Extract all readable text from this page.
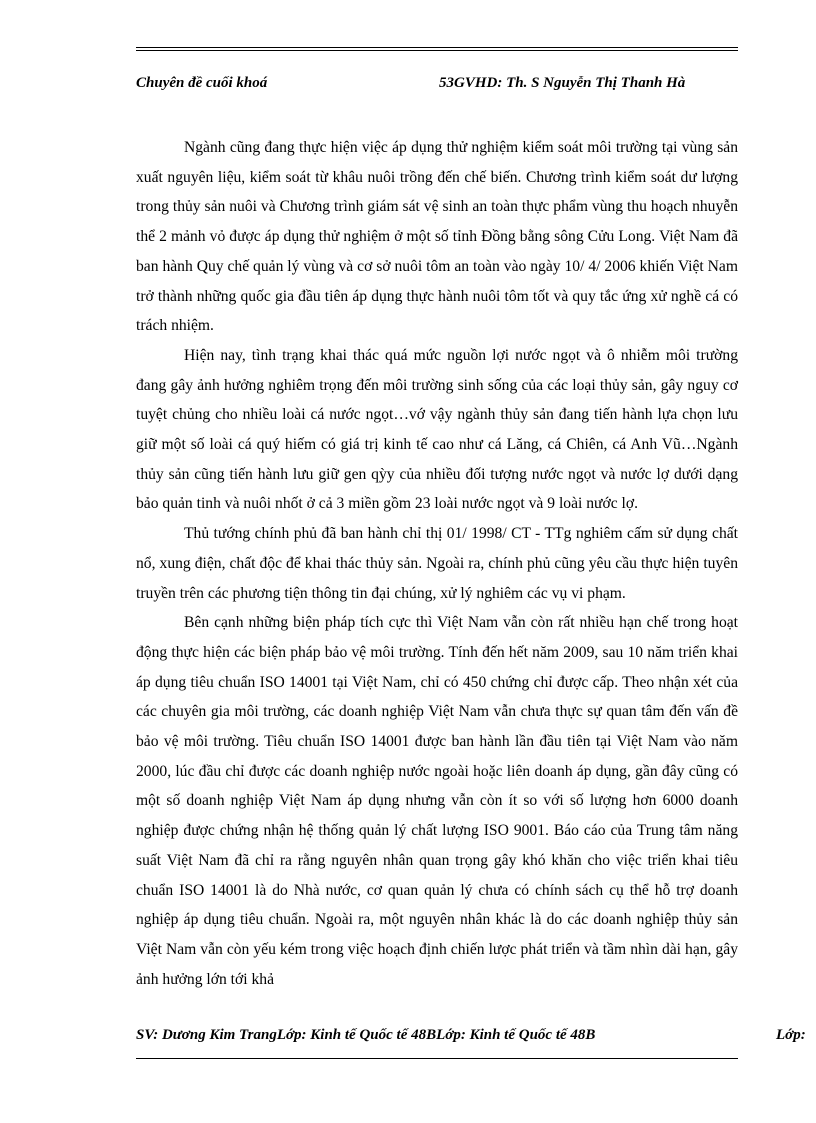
Chuyên đề cuối khoá	53GVHD: Th. S Nguyễn Thị Thanh Hà

Ngành cũng đang thực hiện việc áp dụng thử nghiệm kiểm soát môi trường tại vùng sản xuất nguyên liệu, kiểm soát từ khâu nuôi trồng đến chế biến. Chương trình kiểm soát dư lượng trong thủy sản nuôi và Chương trình giám sát vệ sinh an toàn thực phẩm vùng thu hoạch nhuyễn thể 2 mảnh vỏ được áp dụng thử nghiệm ở một số tỉnh Đồng bằng sông Cửu Long. Việt Nam đã ban hành Quy chế quản lý vùng và cơ sở nuôi tôm an toàn vào ngày 10/ 4/ 2006 khiến Việt Nam trở thành những quốc gia đầu tiên áp dụng thực hành nuôi tôm tốt và quy tắc ứng xử nghề cá có trách nhiệm.

Hiện nay, tình trạng khai thác quá mức nguồn lợi nước ngọt và ô nhiễm môi trường đang gây ảnh hưởng nghiêm trọng đến môi trường sinh sống của các loại thủy sản, gây nguy cơ tuyệt chủng cho nhiều loài cá nước ngọt…vớ vậy ngành thủy sản đang tiến hành lựa chọn lưu giữ một số loài cá quý hiếm có giá trị kinh tế cao như cá Lăng, cá Chiên, cá Anh Vũ…Ngành thủy sản cũng tiến hành lưu giữ gen qỳy của nhiều đối tượng nước ngọt và nước lợ dưới dạng bảo quản tinh và nuôi nhốt ở cả 3 miền gồm 23 loài nước ngọt và 9 loài nước lợ.

Thủ tướng chính phủ đã ban hành chỉ thị 01/ 1998/ CT - TTg nghiêm cấm sử dụng chất nổ, xung điện, chất độc để khai thác thủy sản. Ngoài ra, chính phủ cũng yêu cầu thực hiện tuyên truyền trên các phương tiện thông tin đại chúng, xử lý nghiêm các vụ vi phạm.

Bên cạnh những biện pháp tích cực thì Việt Nam vẫn còn rất nhiều hạn chế trong hoạt động thực hiện các biện pháp bảo vệ môi trường. Tính đến hết năm 2009, sau 10 năm triển khai áp dụng tiêu chuẩn ISO 14001 tại Việt Nam, chỉ có 450 chứng chỉ được cấp. Theo nhận xét của các chuyên gia môi trường, các doanh nghiệp Việt Nam vẫn chưa thực sự quan tâm đến vấn đề bảo vệ môi trường. Tiêu chuẩn ISO 14001 được ban hành lần đầu tiên tại Việt Nam vào năm 2000, lúc đầu chỉ được các doanh nghiệp nước ngoài hoặc liên doanh áp dụng, gần đây cũng có một số doanh nghiệp Việt Nam áp dụng nhưng vẫn còn ít so với số lượng hơn 6000 doanh nghiệp được chứng nhận hệ thống quản lý chất lượng ISO 9001. Báo cáo của Trung tâm năng suất Việt Nam đã chỉ ra rằng nguyên nhân quan trọng gây khó khăn cho việc triển khai tiêu chuẩn ISO 14001 là do Nhà nước, cơ quan quản lý chưa có chính sách cụ thể hỗ trợ doanh nghiệp áp dụng tiêu chuẩn. Ngoài ra, một nguyên nhân khác là do các doanh nghiệp thủy sản Việt Nam vẫn còn yếu kém trong việc hoạch định chiến lược phát triển và tầm nhìn dài hạn, gây ảnh hưởng lớn tới khả

SV: Dương Kim TrangLớp: Kinh tế Quốc tế 48BLớp: Kinh tế Quốc tế 48B	Lớp:
